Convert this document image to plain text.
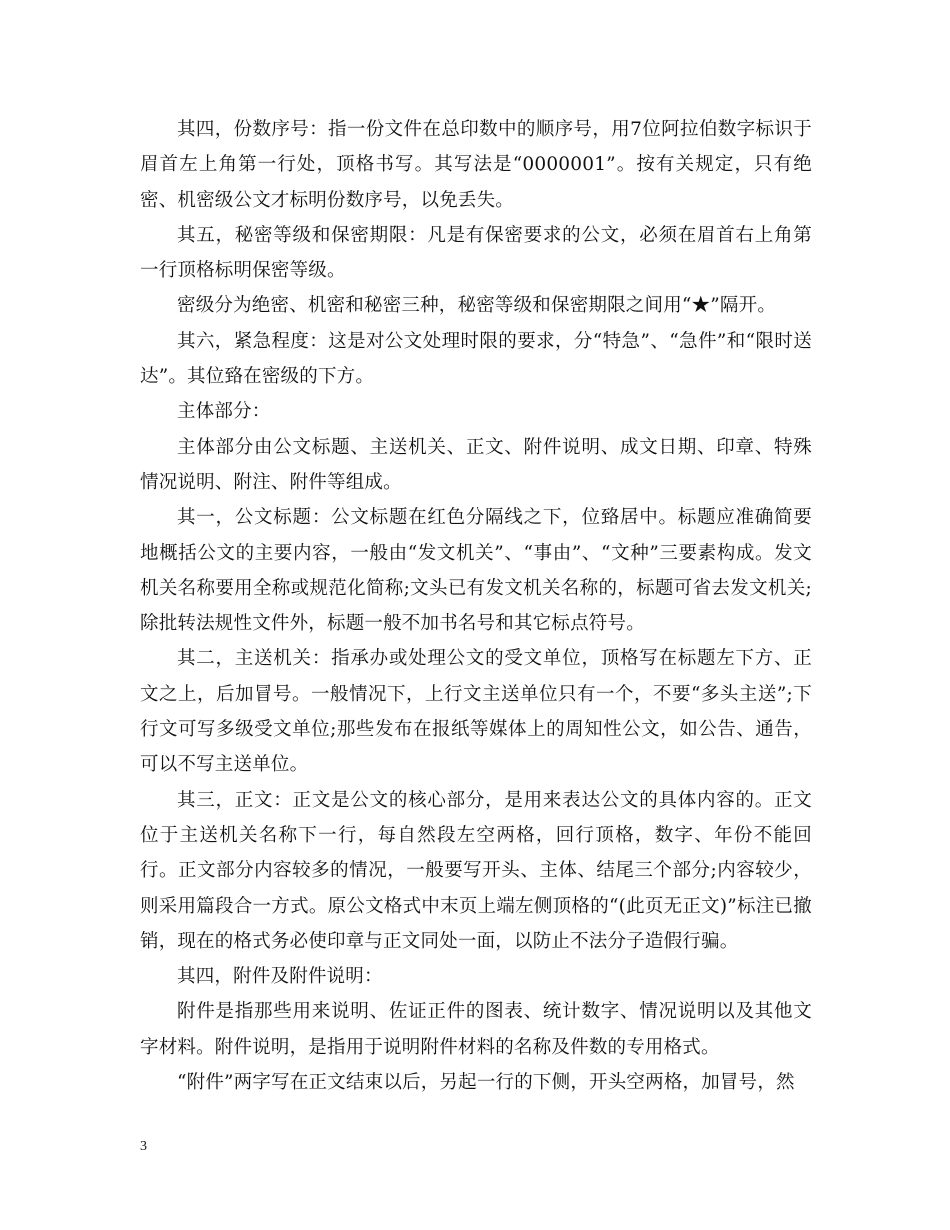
其四，份数序号：指一份文件在总印数中的顺序号，用7位阿拉伯数字标识于眉首左上角第一行处，顶格书写。其写法是“0000001”。按有关规定，只有绝密、机密级公文才标明份数序号，以免丢失。

其五，秘密等级和保密期限：凡是有保密要求的公文，必须在眉首右上角第一行顶格标明保密等级。

密级分为绝密、机密和秘密三种，秘密等级和保密期限之间用“★”隔开。

其六，紧急程度：这是对公文处理时限的要求，分“特急”、“急件”和“限时送达”。其位臵在密级的下方。

主体部分：

主体部分由公文标题、主送机关、正文、附件说明、成文日期、印章、特殊情况说明、附注、附件等组成。

其一，公文标题：公文标题在红色分隔线之下，位臵居中。标题应准确简要地概括公文的主要内容，一般由“发文机关”、“事由”、“文种”三要素构成。发文机关名称要用全称或规范化简称;文头已有发文机关名称的，标题可省去发文机关;除批转法规性文件外，标题一般不加书名号和其它标点符号。

其二，主送机关：指承办或处理公文的受文单位，顶格写在标题左下方、正文之上，后加冒号。一般情况下，上行文主送单位只有一个，不要“多头主送”;下行文可写多级受文单位;那些发布在报纸等媒体上的周知性公文，如公告、通告，可以不写主送单位。

其三，正文：正文是公文的核心部分，是用来表达公文的具体内容的。正文位于主送机关名称下一行，每自然段左空两格，回行顶格，数字、年份不能回行。正文部分内容较多的情况，一般要写开头、主体、结尾三个部分;内容较少，则采用篇段合一方式。原公文格式中末页上端左侧顶格的“(此页无正文)”标注已撤销，现在的格式务必使印章与正文同处一面，以防止不法分子造假行骗。

其四，附件及附件说明：

附件是指那些用来说明、佐证正件的图表、统计数字、情况说明以及其他文字材料。附件说明，是指用于说明附件材料的名称及件数的专用格式。

“附件”两字写在正文结束以后，另起一行的下侧，开头空两格，加冒号，然

3
